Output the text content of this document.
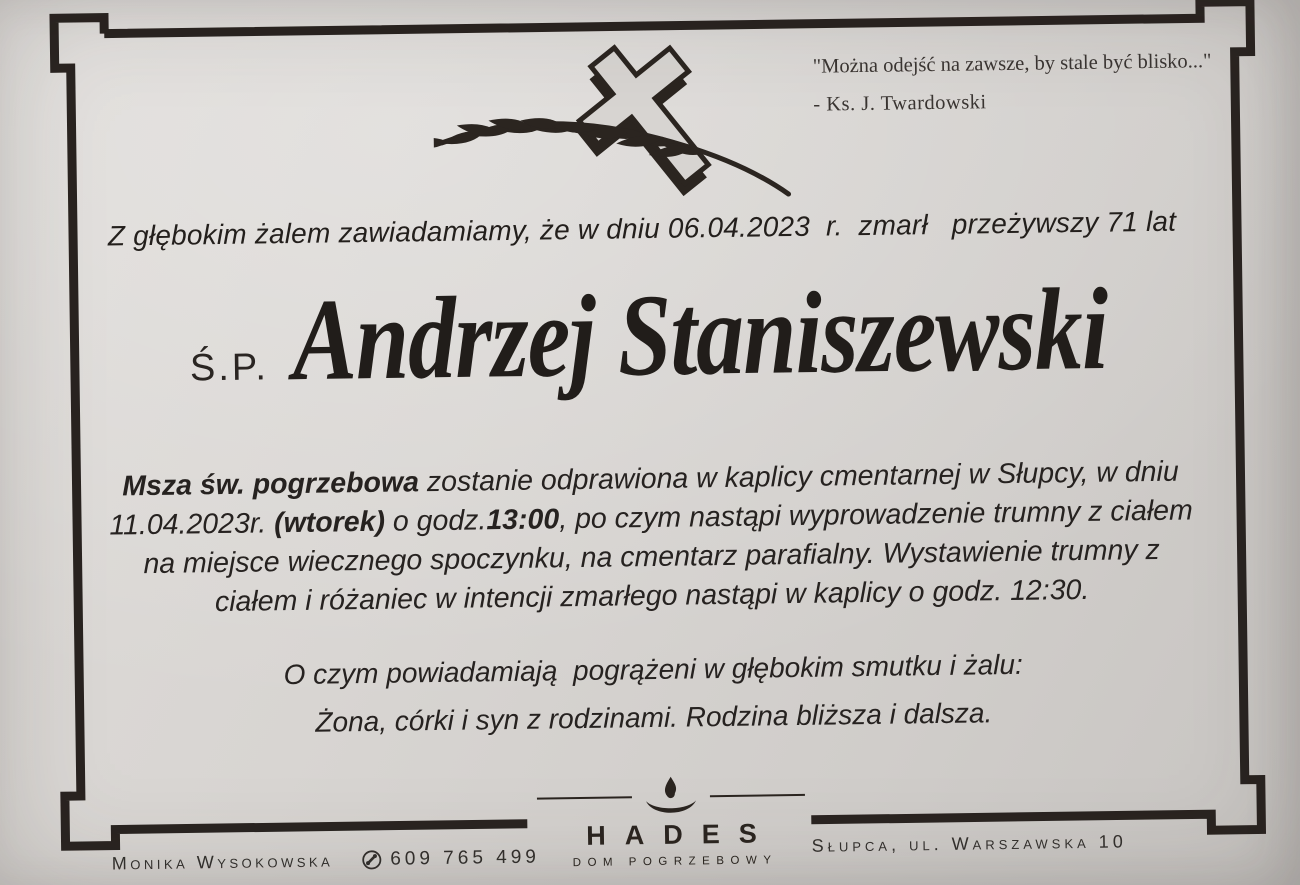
"Można odejść na zawsze, by stale być blisko..."
- Ks. J. Twardowski
Z głębokim żalem zawiadamiamy, że w dniu 06.04.2023  r.  zmarł   przeżywszy 71 lat
Ś.P. Andrzej Staniszewski
Msza św. pogrzebowa zostanie odprawiona w kaplicy cmentarnej w Słupcy, w dniu 11.04.2023r. (wtorek) o godz.13:00, po czym nastąpi wyprowadzenie trumny z ciałem na miejsce wiecznego spoczynku, na cmentarz parafialny. Wystawienie trumny z ciałem i różaniec w intencji zmarłego nastąpi w kaplicy o godz. 12:30.
O czym powiadamiają  pogrążeni w głębokim smutku i żalu:
Żona, córki i syn z rodzinami. Rodzina bliższa i dalsza.
Monika Wysokowska	609 765 499
HADES
DOM POGRZEBOWY
Słupca, ul. Warszawska 10
